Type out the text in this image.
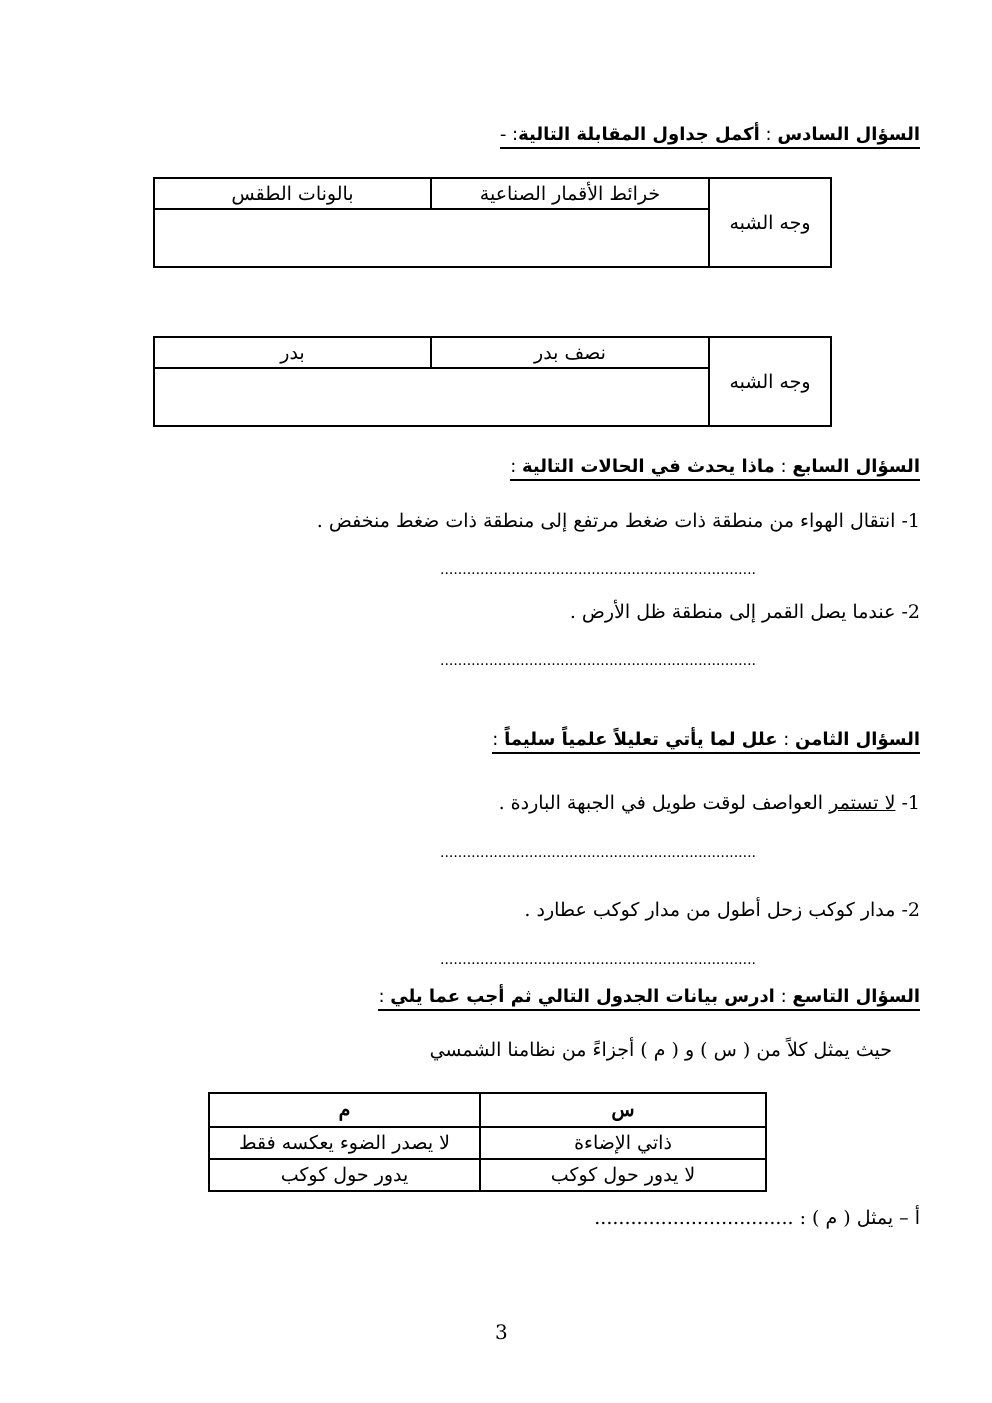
السؤال السادس : أكمل جداول المقابلة التالية: -
وجه الشبه	خرائط الأقمار الصناعية	بالونات الطقس

وجه الشبه	نصف بدر	بدر

السؤال السابع : ماذا يحدث في الحالات التالية :
1- انتقال الهواء من منطقة ذات ضغط مرتفع إلى منطقة ذات ضغط منخفض .
.......................................................................
2- عندما يصل القمر إلى منطقة ظل الأرض .
.......................................................................
السؤال الثامن : علل لما يأتي تعليلاً علمياً سليماً :
1- لا تستمر العواصف لوقت طويل في الجبهة الباردة .
.......................................................................
2- مدار كوكب زحل أطول من مدار كوكب عطارد .
.......................................................................
السؤال التاسع : ادرس بيانات الجدول التالي ثم أجب عما يلي :
حيث يمثل كلاً من ( س ) و ( م ) أجزاءً من نظامنا الشمسي
س	م
ذاتي الإضاءة	لا يصدر الضوء يعكسه فقط
لا يدور حول كوكب	يدور حول كوكب
أ – يمثل ( م ) : .................................
3
